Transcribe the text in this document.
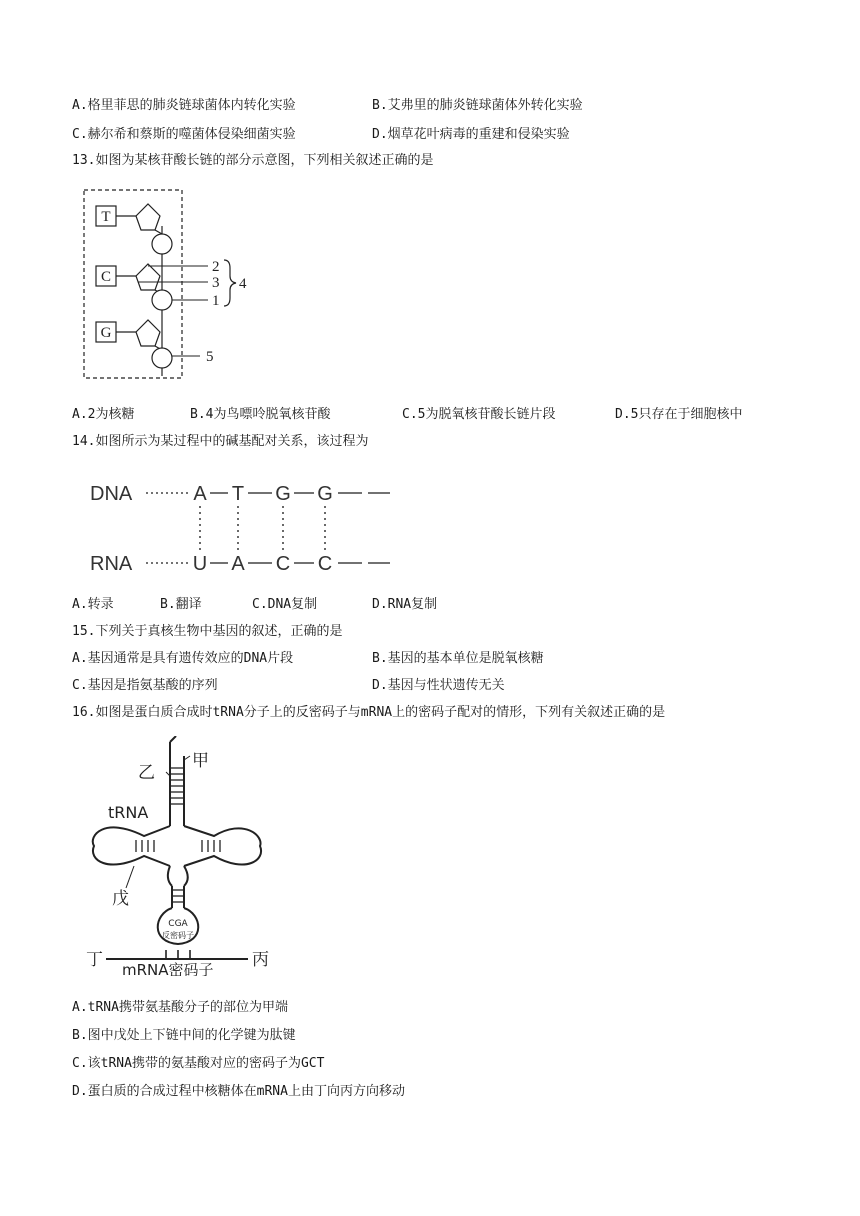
A.格里菲思的肺炎链球菌体内转化实验	B.艾弗里的肺炎链球菌体外转化实验
C.赫尔希和蔡斯的噬菌体侵染细菌实验	D.烟草花叶病毒的重建和侵染实验
13.如图为某核苷酸长链的部分示意图，下列相关叙述正确的是
T
C
G
2
3
1
4
5
A.2为核糖	B.4为鸟嘌呤脱氧核苷酸	C.5为脱氧核苷酸长链片段	D.5只存在于细胞核中
14.如图所示为某过程中的碱基配对关系，该过程为
DNA	A T G G
RNA	U A C C
A.转录	B.翻译	C.DNA复制	D.RNA复制
15.下列关于真核生物中基因的叙述，正确的是
A.基因通常是具有遗传效应的DNA片段	B.基因的基本单位是脱氧核糖
C.基因是指氨基酸的序列	D.基因与性状遗传无关
16.如图是蛋白质合成时tRNA分子上的反密码子与mRNA上的密码子配对的情形，下列有关叙述正确的是
乙
甲
tRNA
CGA
反密码子
戊
丁	丙
mRNA密码子
A.tRNA携带氨基酸分子的部位为甲端
B.图中戊处上下链中间的化学键为肽键
C.该tRNA携带的氨基酸对应的密码子为GCT
D.蛋白质的合成过程中核糖体在mRNA上由丁向丙方向移动
